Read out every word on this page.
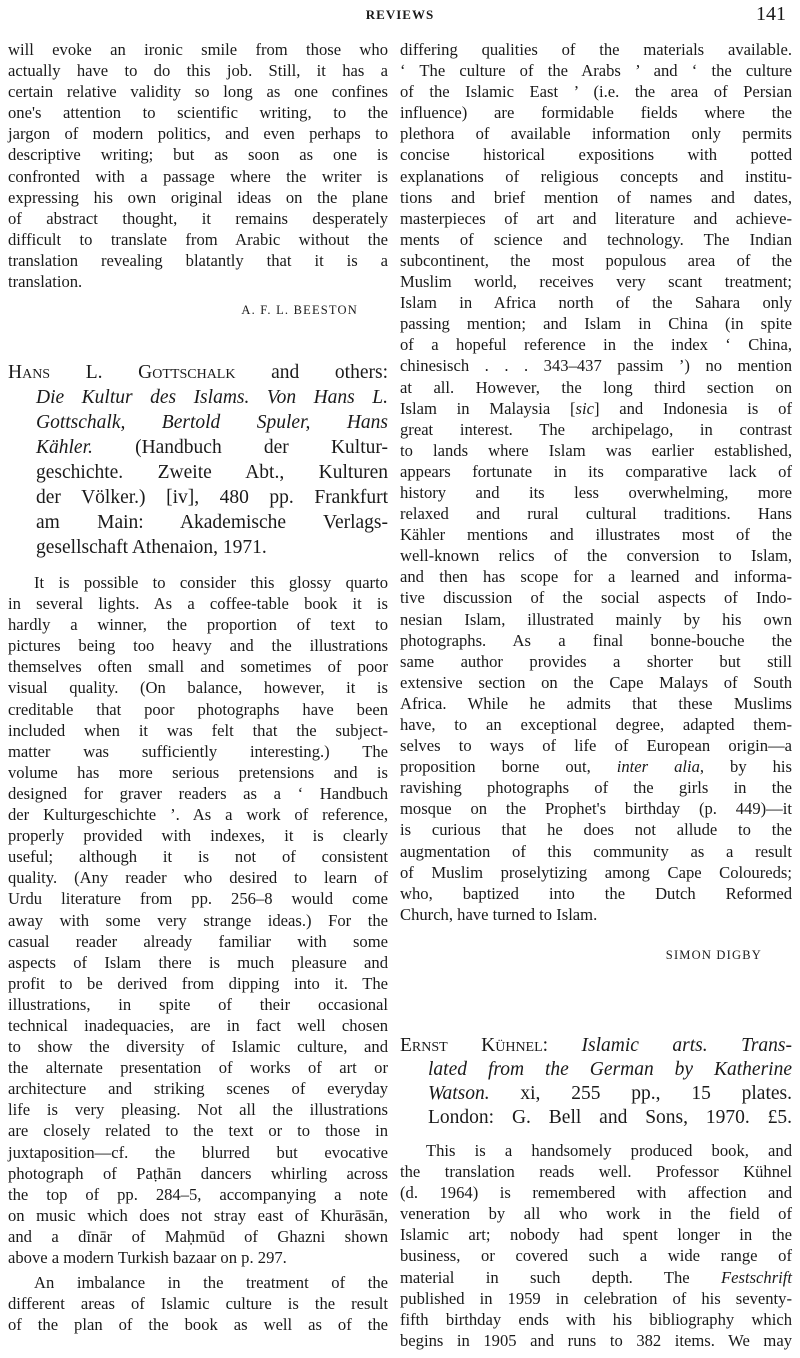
REVIEWS	141
will evoke an ironic smile from those who
actually have to do this job. Still, it has a
certain relative validity so long as one confines
one's attention to scientific writing, to the
jargon of modern politics, and even perhaps to
descriptive writing; but as soon as one is
confronted with a passage where the writer is
expressing his own original ideas on the plane
of abstract thought, it remains desperately
difficult to translate from Arabic without the
translation revealing blatantly that it is a
translation.
A. F. L. BEESTON
Hans L. Gottschalk and others:
Die Kultur des Islams. Von Hans L.
Gottschalk, Bertold Spuler, Hans
Kähler. (Handbuch der Kultur-
geschichte. Zweite Abt., Kulturen
der Völker.) [iv], 480 pp. Frankfurt
am Main: Akademische Verlags-
gesellschaft Athenaion, 1971.
It is possible to consider this glossy quarto
in several lights. As a coffee-table book it is
hardly a winner, the proportion of text to
pictures being too heavy and the illustrations
themselves often small and sometimes of poor
visual quality. (On balance, however, it is
creditable that poor photographs have been
included when it was felt that the subject-
matter was sufficiently interesting.) The
volume has more serious pretensions and is
designed for graver readers as a ‘ Handbuch
der Kulturgeschichte ’. As a work of reference,
properly provided with indexes, it is clearly
useful; although it is not of consistent
quality. (Any reader who desired to learn of
Urdu literature from pp. 256–8 would come
away with some very strange ideas.) For the
casual reader already familiar with some
aspects of Islam there is much pleasure and
profit to be derived from dipping into it. The
illustrations, in spite of their occasional
technical inadequacies, are in fact well chosen
to show the diversity of Islamic culture, and
the alternate presentation of works of art or
architecture and striking scenes of everyday
life is very pleasing. Not all the illustrations
are closely related to the text or to those in
juxtaposition—cf. the blurred but evocative
photograph of Paṭhān dancers whirling across
the top of pp. 284–5, accompanying a note
on music which does not stray east of Khurāsān,
and a dīnār of Maḥmūd of Ghazni shown
above a modern Turkish bazaar on p. 297.
An imbalance in the treatment of the
different areas of Islamic culture is the result
of the plan of the book as well as of the
differing qualities of the materials available.
‘ The culture of the Arabs ’ and ‘ the culture
of the Islamic East ’ (i.e. the area of Persian
influence) are formidable fields where the
plethora of available information only permits
concise historical expositions with potted
explanations of religious concepts and institu-
tions and brief mention of names and dates,
masterpieces of art and literature and achieve-
ments of science and technology. The Indian
subcontinent, the most populous area of the
Muslim world, receives very scant treatment;
Islam in Africa north of the Sahara only
passing mention; and Islam in China (in spite
of a hopeful reference in the index ‘ China,
chinesisch . . . 343–437 passim ’) no mention
at all. However, the long third section on
Islam in Malaysia [sic] and Indonesia is of
great interest. The archipelago, in contrast
to lands where Islam was earlier established,
appears fortunate in its comparative lack of
history and its less overwhelming, more
relaxed and rural cultural traditions. Hans
Kähler mentions and illustrates most of the
well-known relics of the conversion to Islam,
and then has scope for a learned and informa-
tive discussion of the social aspects of Indo-
nesian Islam, illustrated mainly by his own
photographs. As a final bonne-bouche the
same author provides a shorter but still
extensive section on the Cape Malays of South
Africa. While he admits that these Muslims
have, to an exceptional degree, adapted them-
selves to ways of life of European origin—a
proposition borne out, inter alia, by his
ravishing photographs of the girls in the
mosque on the Prophet's birthday (p. 449)—it
is curious that he does not allude to the
augmentation of this community as a result
of Muslim proselytizing among Cape Coloureds;
who, baptized into the Dutch Reformed
Church, have turned to Islam.
SIMON DIGBY
Ernst Kühnel: Islamic arts. Trans-
lated from the German by Katherine
Watson. xi, 255 pp., 15 plates.
London: G. Bell and Sons, 1970. £5.
This is a handsomely produced book, and
the translation reads well. Professor Kühnel
(d. 1964) is remembered with affection and
veneration by all who work in the field of
Islamic art; nobody had spent longer in the
business, or covered such a wide range of
material in such depth. The Festschrift
published in 1959 in celebration of his seventy-
fifth birthday ends with his bibliography which
begins in 1905 and runs to 382 items. We may
